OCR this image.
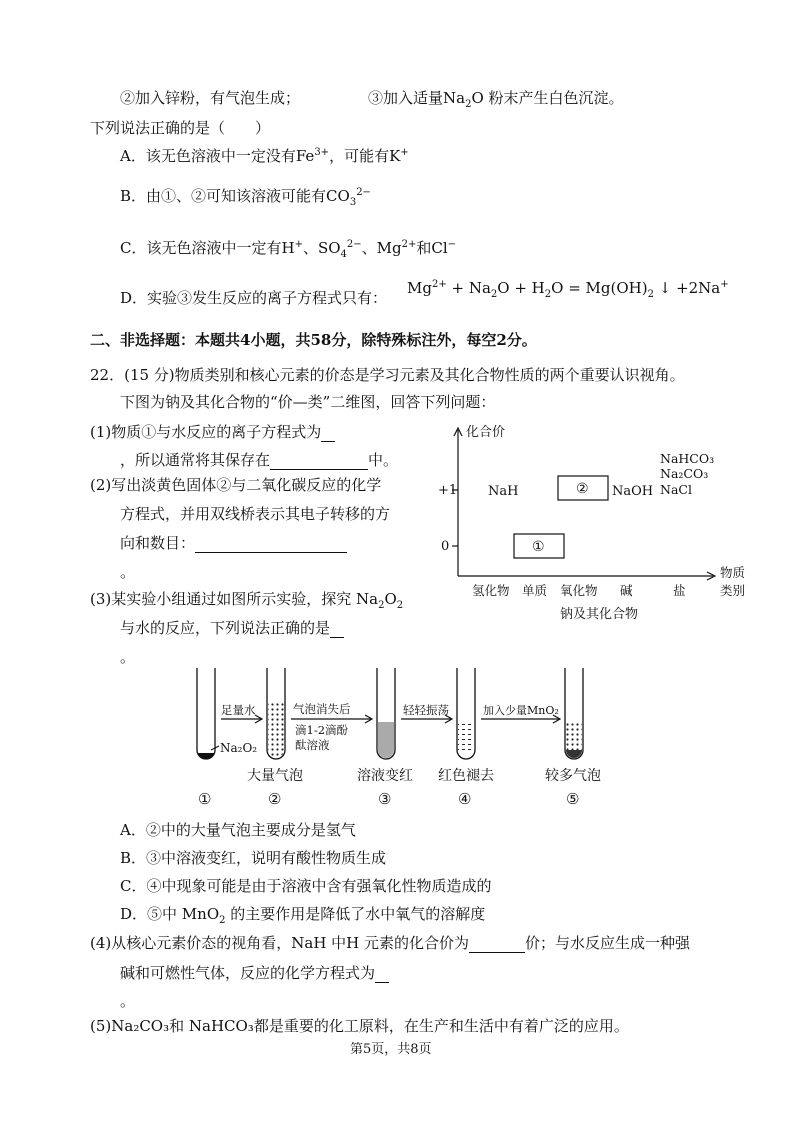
②加入锌粉，有气泡生成；	③加入适量$Na_2O$ 粉末产生白色沉淀。
下列说法正确的是（　　）
A．该无色溶液中一定没有$Fe^{3+}$，可能有K+
B．由①、②可知该溶液可能有$CO_3^{2-}$
C．该无色溶液中一定有H+、$SO_4^{2-}$、$Mg^{2+}$和Cl−
D．实验③发生反应的离子方程式只有：
$Mg^{2+} + Na_2O + H_2O = Mg(OH)_2$ ↓ +2Na+
二、非选择题：本题共4小题，共58分，除特殊标注外，每空2分。
22．(15 分)物质类别和核心元素的价态是学习元素及其化合物性质的两个重要认识视角。
下图为钠及其化合物的“价—类”二维图，回答下列问题：
(1)物质①与水反应的离子方程式为
，所以通常将其保存在	中。
(2)写出淡黄色固体②与二氧化碳反应的化学
方程式，并用双线桥表示其电子转移的方
向和数目：
。
(3)某实验小组通过如图所示实验，探究 $Na_2O_2$
与水的反应，下列说法正确的是
。
化合价
+1
0
NaH	② NaOH
NaHCO₃
Na₂CO₃
NaCl
①
氢化物 单质 氧化物 碱	盐
物质
类别
钠及其化合物
足量水	气泡消失后
滴1-2滴酚
酞溶液
轻轻振荡	加入少量MnO₂
Na₂O₂
大量气泡	溶液变红 红色褪去	较多气泡
①	②	③	④	⑤
A．②中的大量气泡主要成分是氢气
B．③中溶液变红，说明有酸性物质生成
C．④中现象可能是由于溶液中含有强氧化性物质造成的
D．⑤中 MnO$_2$ 的主要作用是降低了水中氧气的溶解度
(4)从核心元素价态的视角看，NaH 中H 元素的化合价为	价；与水反应生成一种强
碱和可燃性气体，反应的化学方程式为
。
(5)Na₂CO₃和 NaHCO₃都是重要的化工原料，在生产和生活中有着广泛的应用。
第5页，共8页
